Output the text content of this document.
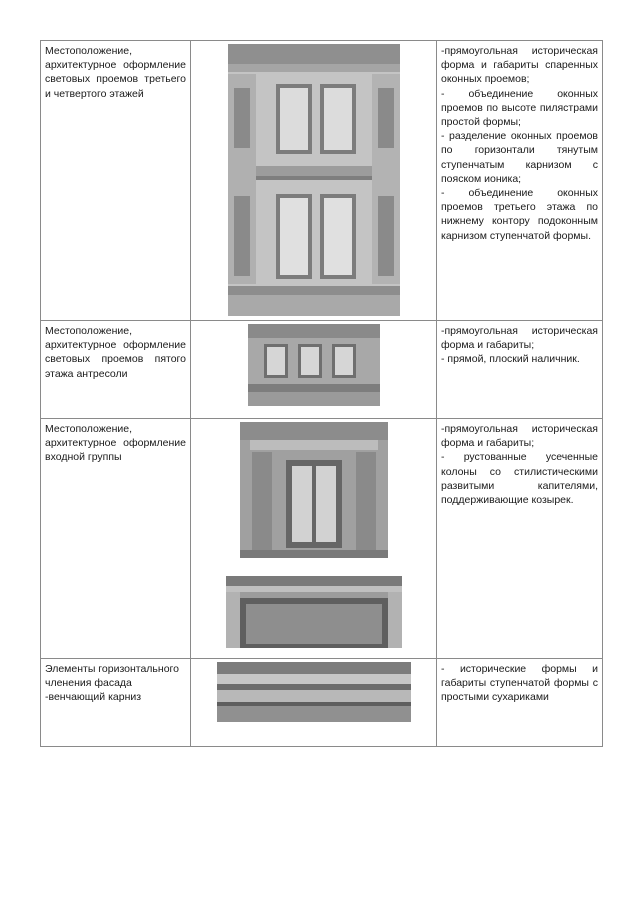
Местоположение, архитектурное оформление световых проемов третьего и четвертого этажей		-прямоугольная историческая форма и габариты спаренных оконных проемов;
- объединение оконных проемов по высоте пилястрами простой формы;
- разделение оконных проемов по горизонтали тянутым ступенчатым карнизом с пояском ионика;
- объединение оконных проемов третьего этажа по нижнему контору подоконным карнизом ступенчатой формы.

Местоположение, архитектурное оформление световых проемов пятого этажа антресоли		-прямоугольная историческая форма и габариты;
- прямой, плоский наличник.

Местоположение, архитектурное оформление входной группы		-прямоугольная историческая форма и габариты;
- рустованные усеченные колоны со стилистическими развитыми капителями, поддерживающие козырек.

Элементы горизонтального членения фасада -венчающий карниз		- исторические формы и габариты ступенчатой формы с простыми сухариками
